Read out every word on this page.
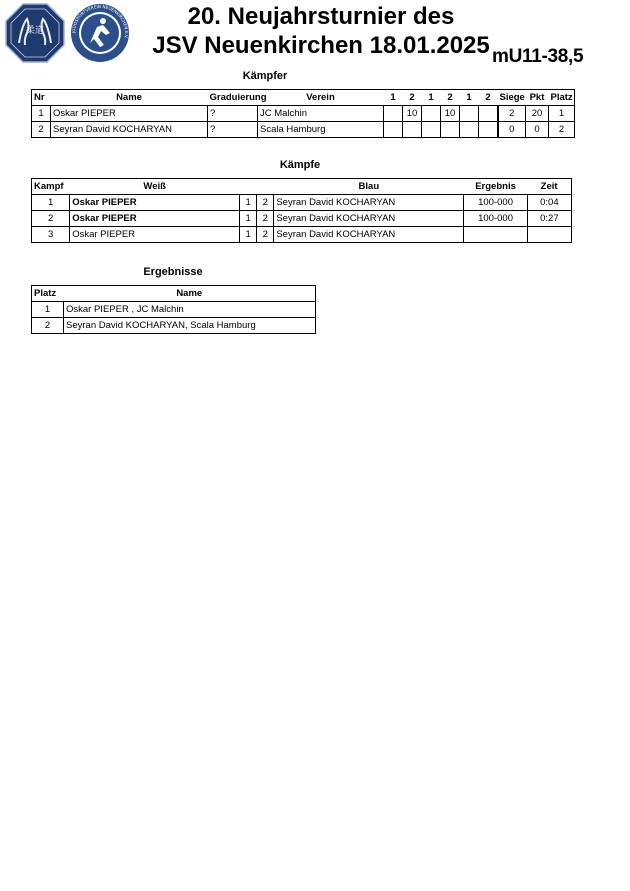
柔道	JUDOSPORTVEREIN NEUENKIRCHEN E.V.
20. Neujahrsturnier des
JSV Neuenkirchen 18.01.2025 mU11-38,5
Kämpfer
Nr	Name	Graduierung	Verein	1	2	1	2	1	2	Siege	Pkt	Platz
1	Oskar PIEPER	?	JC Malchin		10		10			2	20	1
2	Seyran David KOCHARYAN	?	Scala Hamburg							0	0	2
Kämpfe
Kampf	Weiß			Blau	Ergebnis	Zeit
1	Oskar PIEPER	1	2	Seyran David KOCHARYAN	100-000	0:04
2	Oskar PIEPER	1	2	Seyran David KOCHARYAN	100-000	0:27
3	Oskar PIEPER	1	2	Seyran David KOCHARYAN		
Ergebnisse
Platz	Name
1	Oskar PIEPER , JC Malchin
2	Seyran David KOCHARYAN, Scala Hamburg
